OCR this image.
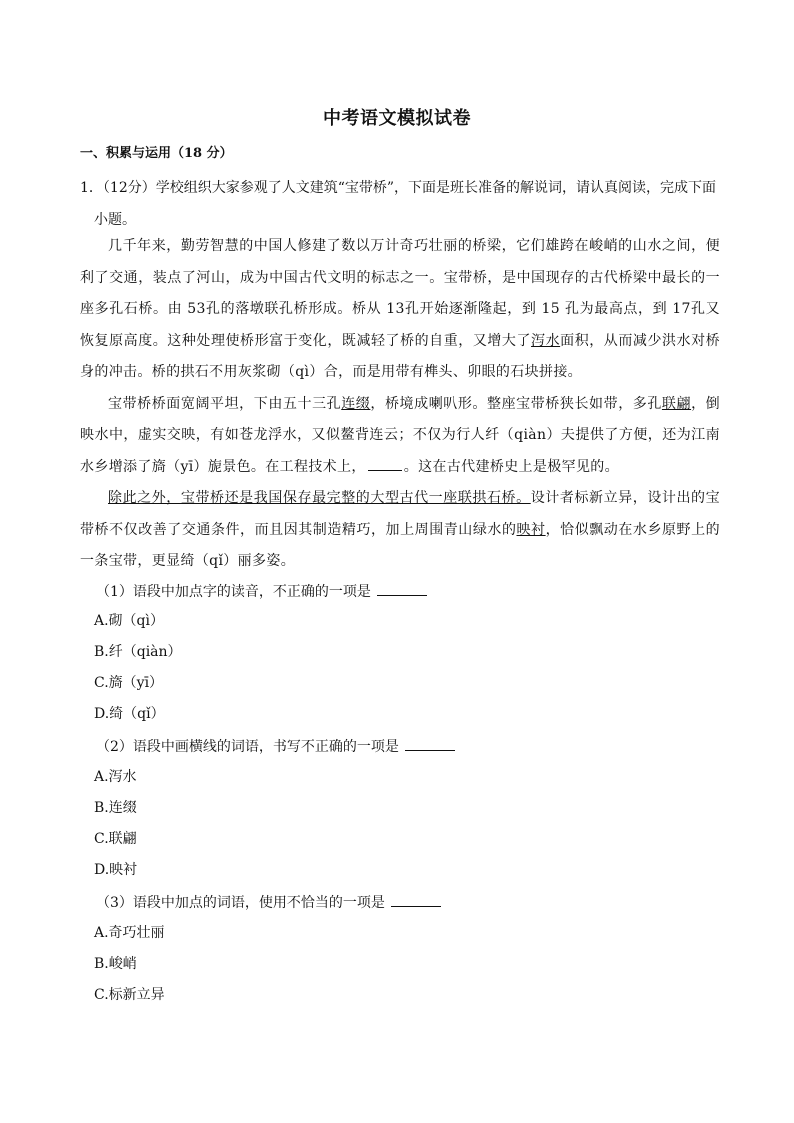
中考语文模拟试卷
一、积累与运用（18 分）
1．（12分）学校组织大家参观了人文建筑“宝带桥”，下面是班长准备的解说词，请认真阅读，完成下面
小题。

几千年来，勤劳智慧的中国人修建了数以万计奇巧壮丽的桥梁，它们雄跨在峻峭的山水之间，便利了交通，装点了河山，成为中国古代文明的标志之一。宝带桥，是中国现存的古代桥梁中最长的一座多孔石桥。由 53孔的落墩联孔桥形成。桥从 13孔开始逐渐隆起，到 15 孔为最高点，到 17孔又恢复原高度。这种处理使桥形富于变化，既减轻了桥的自重，又增大了泻水面积，从而减少洪水对桥身的冲击。桥的拱石不用灰浆砌（qì）合，而是用带有榫头、卯眼的石块拼接。

宝带桥桥面宽阔平坦，下由五十三孔连缀，桥境成喇叭形。整座宝带桥狭长如带，多孔联翩，倒映水中，虚实交映，有如苍龙浮水，又似鳌背连云；不仅为行人纤（qiàn）夫提供了方便，还为江南水乡增添了旖（yī）旎景色。在工程技术上，	。这在古代建桥史上是极罕见的。

除此之外，宝带桥还是我国保存最完整的大型古代一座联拱石桥。设计者标新立异，设计出的宝带桥不仅改善了交通条件，而且因其制造精巧，加上周围青山绿水的映衬，恰似飘动在水乡原野上的一条宝带，更显绮（qǐ）丽多姿。

（1）语段中加点字的读音，不正确的一项是
A.砌（qì）
B.纤（qiàn）
C.旖（yī）
D.绮（qǐ）
（2）语段中画横线的词语，书写不正确的一项是
A.泻水
B.连缀
C.联翩
D.映衬
（3）语段中加点的词语，使用不恰当的一项是
A.奇巧壮丽
B.峻峭
C.标新立异
